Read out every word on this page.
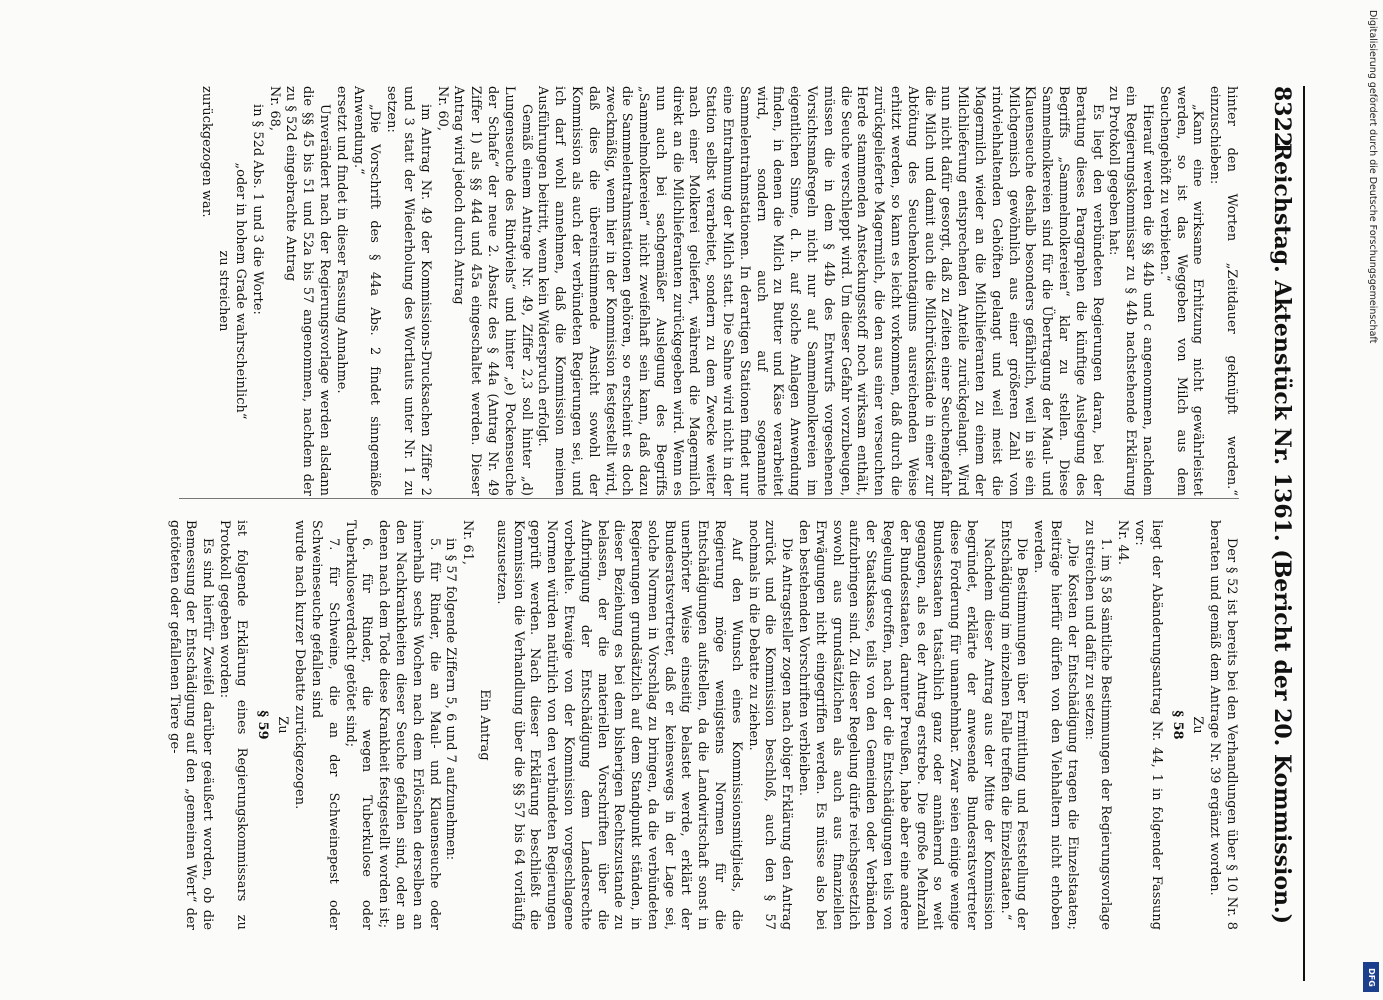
8322
Reichstag. Aktenstück Nr. 1361. (Bericht der 20. Kommission.)

hinter den Worten „Zeitdauer geknüpft werden.“ einzuschieben:

„Kann eine wirksame Erhitzung nicht gewährleistet werden, so ist das Weggeben von Milch aus dem Seuchengehöft zu verbieten.“

Hierauf werden die §§ 44b und c angenommen, nachdem ein Regierungskommissar zu § 44b nachstehende Erklärung zu Protokoll gegeben hat:

Es liegt den verbündeten Regierungen daran, bei der Beratung dieses Paragraphen die künftige Auslegung des Begriffs „Sammelmolkereien“ klar zu stellen. Diese Sammelmolkereien sind für die Übertragung der Maul- und Klauenseuche deshalb besonders gefährlich, weil in sie ein Milchgemisch gewöhnlich aus einer größeren Zahl von rindviehhaltenden Gehöften gelangt und weil meist die Magermilch wieder an die Milchlieferanten zu einem der Milchlieferung entsprechenden Anteile zurückgelangt. Wird nun nicht dafür gesorgt, daß zu Zeiten einer Seuchengefahr die Milch und damit auch die Milchrückstände in einer zur Abtötung des Seuchenkontagiums ausreichenden Weise erhitzt werden, so kann es leicht vorkommen, daß durch die zurückgelieferte Magermilch, die den aus einer verseuchten Herde stammenden Ansteckungsstoff noch wirksam enthält, die Seuche verschleppt wird. Um dieser Gefahr vorzubeugen, müssen die in dem § 44b des Entwurfs vorgesehenen Vorsichtsmaßregeln nicht nur auf Sammelmolkereien im eigentlichen Sinne, d. h. auf solche Anlagen Anwendung finden, in denen die Milch zu Butter und Käse verarbeitet wird, sondern auch auf sogenannte Sammelentrahmstationen. In derartigen Stationen findet nur eine Entrahmung der Milch statt. Die Sahne wird nicht in der Station selbst verarbeitet, sondern zu dem Zwecke weiter nach einer Molkerei geliefert, während die Magermilch direkt an die Milchlieferanten zurückgegeben wird. Wenn es nun auch bei sachgemäßer Auslegung des Begriffs „Sammelmolkereien“ nicht zweifelhaft sein kann, daß dazu die Sammelentrahmstationen gehören, so erscheint es doch zweckmäßig, wenn hier in der Kommission festgestellt wird, daß dies die übereinstimmende Ansicht sowohl der Kommission als auch der verbündeten Regierungen sei, und ich darf wohl annehmen, daß die Kommission meinen Ausführungen beitritt, wenn kein Widerspruch erfolgt.

Gemäß einem Antrage Nr. 49, Ziffer 2,3 soll hinter „d) Lungenseuche des Rindviehs“ und hinter „e) Pockenseuche der Schafe“ der neue 2. Absatz des § 44a (Antrag Nr. 49 Ziffer 1) als §§ 44d und 45a eingeschaltet werden. Dieser Antrag wird jedoch durch Antrag

Nr. 60,

im Antrag Nr. 49 der Kommissions-Drucksachen Ziffer 2 und 3 statt der Wiederholung des Wortlauts unter Nr. 1 zu setzen:

„Die Vorschrift des § 44a Abs. 2 findet sinngemäße Anwendung.“

ersetzt und findet in dieser Fassung Annahme.

Unverändert nach der Regierungsvorlage werden alsdann die §§ 45 bis 51 und 52a bis 57 angenommen, nachdem der zu § 52d eingebrachte Antrag

Nr. 68,

in § 52d Abs. 1 und 3 die Worte:

„oder in hohem Grade wahrscheinlich“

zu streichen

zurückgezogen war.

Der § 52 ist bereits bei den Verhandlungen über § 10 Nr. 8 beraten und gemäß dem Antrage Nr. 39 ergänzt worden.

Zu

§ 58

liegt der Abänderungsantrag Nr. 44, 1 in folgender Fassung vor:

Nr. 44.

1. im § 58 sämtliche Bestimmungen der Regierungsvorlage zu streichen und dafür zu setzen:

„Die Kosten der Entschädigung tragen die Einzelstaaten; Beiträge hierfür dürfen von den Viehhaltern nicht erhoben werden.

Die Bestimmungen über Ermittlung und Feststellung der Entschädigung im einzelnen Falle treffen die Einzelstaaten.“

Nachdem dieser Antrag aus der Mitte der Kommission begründet, erklärte der anwesende Bundesratsvertreter diese Forderung für unannehmbar. Zwar seien einige wenige Bundesstaaten tatsächlich ganz oder annähernd so weit gegangen, als es der Antrag erstrebe. Die große Mehrzahl der Bundesstaaten, darunter Preußen, habe aber eine andere Regelung getroffen, nach der die Entschädigungen teils von der Staatskasse, teils von den Gemeinden oder Verbänden aufzubringen sind. Zu dieser Regelung dürfe reichsgesetzlich sowohl aus grundsätzlichen als auch aus finanziellen Erwägungen nicht eingegriffen werden. Es müsse also bei den bestehenden Vorschriften verbleiben.

Die Antragsteller zogen nach obiger Erklärung den Antrag zurück und die Kommission beschloß, auch den § 57 nochmals in die Debatte zu ziehen.

Auf den Wunsch eines Kommissionsmitglieds, die Regierung möge wenigstens Normen für die Entschädigungen aufstellen, da die Landwirtschaft sonst in unerhörter Weise einseitig belastet werde, erklärt der Bundesratsvertreter, daß er keineswegs in der Lage sei, solche Normen in Vorschlag zu bringen, da die verbündeten Regierungen grundsätzlich auf dem Standpunkt ständen, in dieser Beziehung es bei dem bisherigen Rechtszustande zu belassen, der die materiellen Vorschriften über die Aufbringung der Entschädigung dem Landesrechte vorbehalte. Etwaige von der Kommission vorgeschlagene Normen würden natürlich von den verbündeten Regierungen geprüft werden. Nach dieser Erklärung beschließt die Kommission die Verhandlung über die §§ 57 bis 64 vorläufig auszusetzen.

Ein Antrag

Nr. 61,

in § 57 folgende Ziffern 5, 6 und 7 aufzunehmen:

5. für Rinder, die an Maul- und Klauenseuche oder innerhalb sechs Wochen nach dem Erlöschen derselben an den Nachkrankheiten dieser Seuche gefallen sind, oder an denen nach dem Tode diese Krankheit festgestellt worden ist;

6. für Rinder, die wegen Tuberkulose oder Tuberkuloseverdacht getötet sind;

7. für Schweine, die an der Schweinepest oder Schweineseuche gefallen sind

wurde nach kurzer Debatte zurückgezogen.

Zu

§ 59

ist folgende Erklärung eines Regierungskommissars zu Protokoll gegeben worden:

Es sind hierfür Zweifel darüber geäußert worden, ob die Bemessung der Entschädigung auf den „gemeinen Wert“ der getöteten oder gefallenen Tiere ge-

Digitalisierung gefördert durch die Deutsche Forschungsgemeinschaft
DFG
